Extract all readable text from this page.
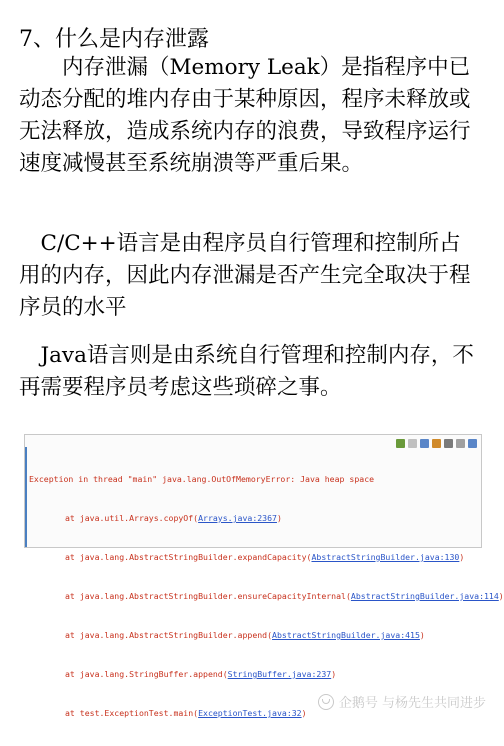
7、什么是内存泄露
　　内存泄漏（Memory Leak）是指程序中已动态分配的堆内存由于某种原因，程序未释放或无法释放，造成系统内存的浪费，导致程序运行速度减慢甚至系统崩溃等严重后果。
　C/C++语言是由程序员自行管理和控制所占用的内存，因此内存泄漏是否产生完全取决于程序员的水平
　Java语言则是由系统自行管理和控制内存，不再需要程序员考虑这些琐碎之事。

Exception in thread "main" java.lang.OutOfMemoryError: Java heap space

at java.util.Arrays.copyOf(Arrays.java:2367)

at java.lang.AbstractStringBuilder.expandCapacity(AbstractStringBuilder.java:130)

at java.lang.AbstractStringBuilder.ensureCapacityInternal(AbstractStringBuilder.java:114)

at java.lang.AbstractStringBuilder.append(AbstractStringBuilder.java:415)

at java.lang.StringBuffer.append(StringBuffer.java:237)

at test.ExceptionTest.main(ExceptionTest.java:32)

企鹅号 与杨先生共同进步
